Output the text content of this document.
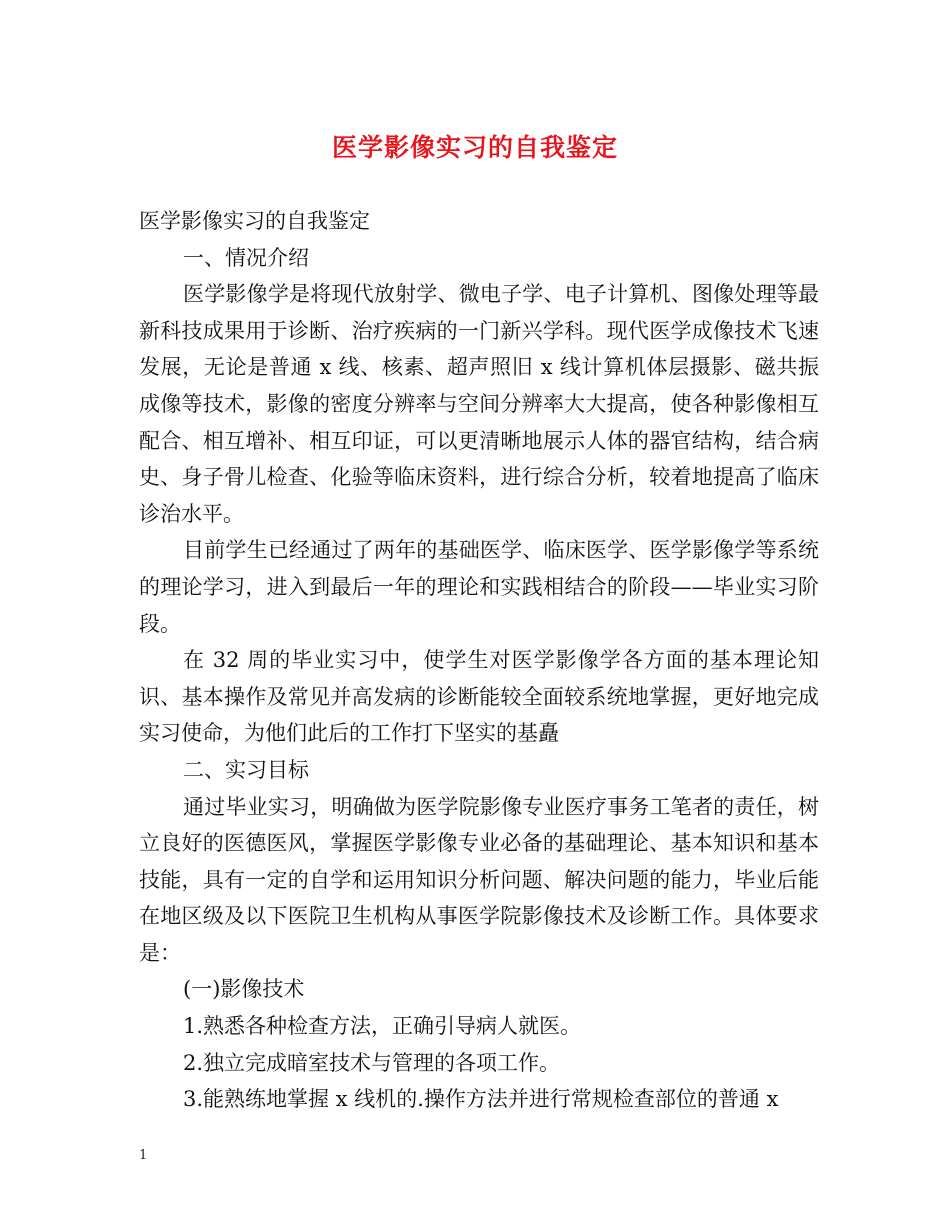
医学影像实习的自我鉴定

医学影像实习的自我鉴定

一、情况介绍

医学影像学是将现代放射学、微电子学、电子计算机、图像处理等最新科技成果用于诊断、治疗疾病的一门新兴学科。现代医学成像技术飞速发展，无论是普通 x 线、核素、超声照旧 x 线计算机体层摄影、磁共振成像等技术，影像的密度分辨率与空间分辨率大大提高，使各种影像相互配合、相互增补、相互印证，可以更清晰地展示人体的器官结构，结合病史、身子骨儿检查、化验等临床资料，进行综合分析，较着地提高了临床诊治水平。

目前学生已经通过了两年的基础医学、临床医学、医学影像学等系统的理论学习，进入到最后一年的理论和实践相结合的阶段——毕业实习阶段。

在 32 周的毕业实习中，使学生对医学影像学各方面的基本理论知识、基本操作及常见并高发病的诊断能较全面较系统地掌握，更好地完成实习使命，为他们此后的工作打下坚实的基矗

二、实习目标

通过毕业实习，明确做为医学院影像专业医疗事务工笔者的责任，树立良好的医德医风，掌握医学影像专业必备的基础理论、基本知识和基本技能，具有一定的自学和运用知识分析问题、解决问题的能力，毕业后能在地区级及以下医院卫生机构从事医学院影像技术及诊断工作。具体要求是：

(一)影像技术

1.熟悉各种检查方法，正确引导病人就医。

2.独立完成暗室技术与管理的各项工作。

3.能熟练地掌握 x 线机的.操作方法并进行常规检查部位的普通 x

1
